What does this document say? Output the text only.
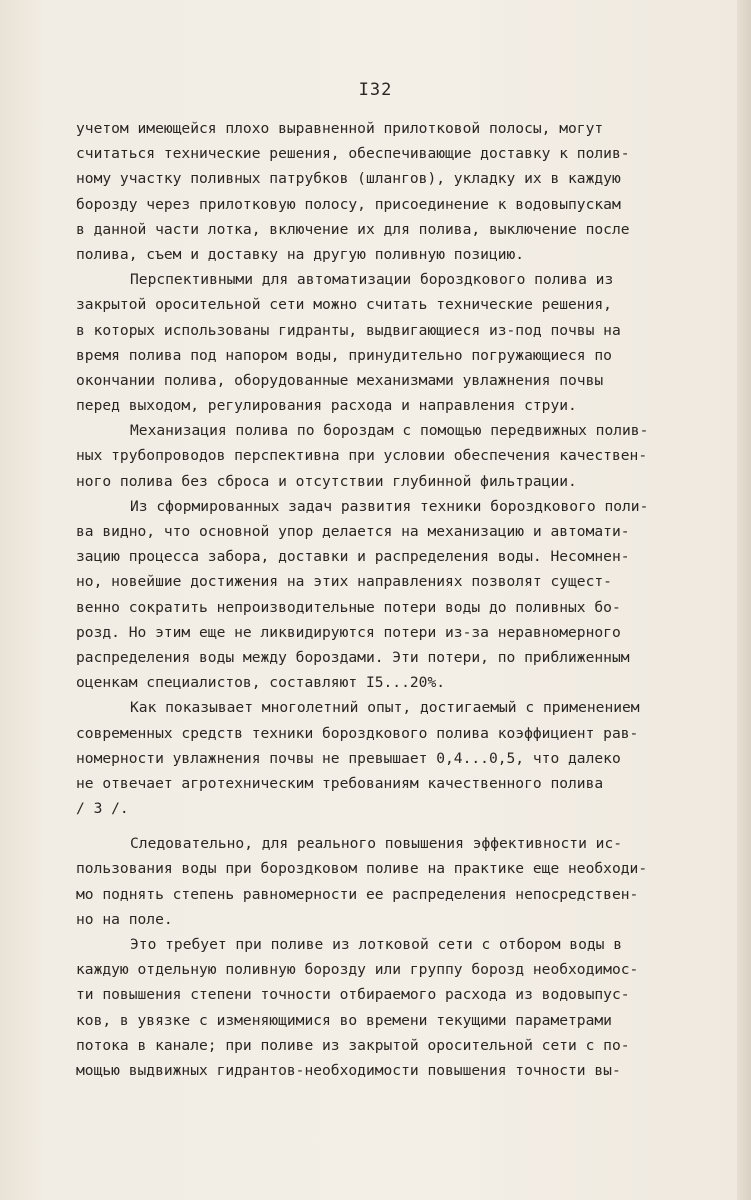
I32
учетом имеющейся плохо выравненной прилотковой полосы, могут
считаться технические решения, обеспечивающие доставку к полив-
ному участку поливных патрубков (шлангов), укладку их в каждую
борозду через прилотковую полосу, присоединение к водовыпускам
в данной части лотка, включение их для полива, выключение после
полива, съем и доставку на другую поливную позицию.
Перспективными для автоматизации бороздкового полива из
закрытой оросительной сети можно считать технические решения,
в которых использованы гидранты, выдвигающиеся из-под почвы на
время полива под напором воды, принудительно погружающиеся по
окончании полива, оборудованные механизмами увлажнения почвы
перед выходом, регулирования расхода и направления струи.
Механизация полива по бороздам с помощью передвижных полив-
ных трубопроводов перспективна при условии обеспечения качествен-
ного полива без сброса и отсутствии глубинной фильтрации.
Из сформированных задач развития техники бороздкового поли-
ва видно, что основной упор делается на механизацию и автомати-
зацию процесса забора, доставки и распределения воды. Несомнен-
но, новейшие достижения на этих направлениях позволят сущест-
венно сократить непроизводительные потери воды до поливных бо-
розд. Но этим еще не ликвидируются потери из-за неравномерного
распределения воды между бороздами. Эти потери, по приближенным
оценкам специалистов, составляют I5...20%.
Как показывает многолетний опыт, достигаемый с применением
современных средств техники бороздкового полива коэффициент рав-
номерности увлажнения почвы не превышает 0,4...0,5, что далеко
не отвечает агротехническим требованиям качественного полива
/ 3 /.
Следовательно, для реального повышения эффективности ис-
пользования воды при бороздковом поливе на практике еще необходи-
мо поднять степень равномерности ее распределения непосредствен-
но на поле.
Это требует при поливе из лотковой сети с отбором воды в
каждую отдельную поливную борозду или группу борозд необходимос-
ти повышения степени точности отбираемого расхода из водовыпус-
ков, в увязке с изменяющимися во времени текущими параметрами
потока в канале; при поливе из закрытой оросительной сети с по-
мощью выдвижных гидрантов-необходимости повышения точности вы-
